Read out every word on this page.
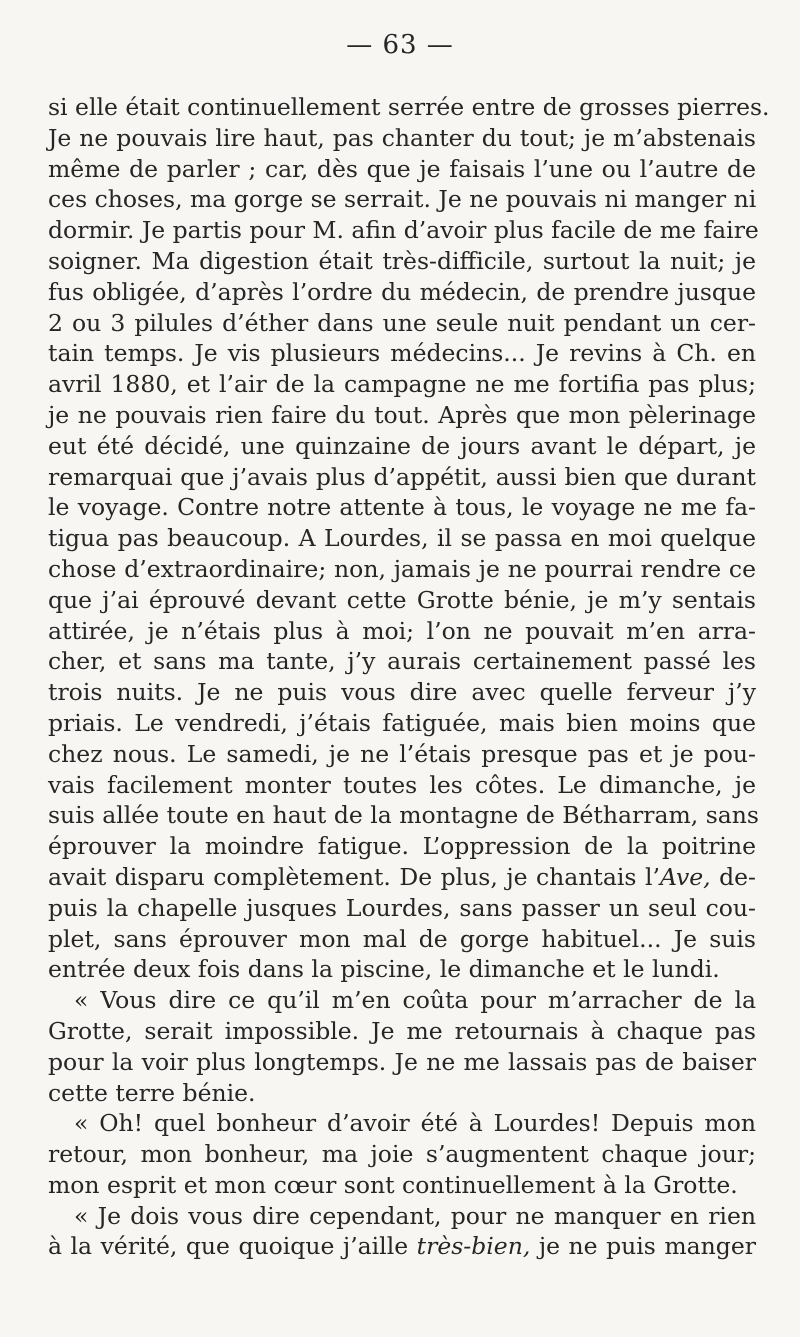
— 63 —
si elle était continuellement serrée entre de grosses pierres.
Je ne pouvais lire haut, pas chanter du tout; je m’abstenais
même de parler ; car, dès que je faisais l’une ou l’autre de
ces choses, ma gorge se serrait. Je ne pouvais ni manger ni
dormir. Je partis pour M. afin d’avoir plus facile de me faire
soigner. Ma digestion était très-difficile, surtout la nuit; je
fus obligée, d’après l’ordre du médecin, de prendre jusque
2 ou 3 pilules d’éther dans une seule nuit pendant un cer-
tain temps. Je vis plusieurs médecins... Je revins à Ch. en
avril 1880, et l’air de la campagne ne me fortifia pas plus;
je ne pouvais rien faire du tout. Après que mon pèlerinage
eut été décidé, une quinzaine de jours avant le départ, je
remarquai que j’avais plus d’appétit, aussi bien que durant
le voyage. Contre notre attente à tous, le voyage ne me fa-
tigua pas beaucoup. A Lourdes, il se passa en moi quelque
chose d’extraordinaire; non, jamais je ne pourrai rendre ce
que j’ai éprouvé devant cette Grotte bénie, je m’y sentais
attirée, je n’étais plus à moi; l’on ne pouvait m’en arra-
cher, et sans ma tante, j’y aurais certainement passé les
trois nuits. Je ne puis vous dire avec quelle ferveur j’y
priais. Le vendredi, j’étais fatiguée, mais bien moins que
chez nous. Le samedi, je ne l’étais presque pas et je pou-
vais facilement monter toutes les côtes. Le dimanche, je
suis allée toute en haut de la montagne de Bétharram, sans
éprouver la moindre fatigue. L’oppression de la poitrine
avait disparu complètement. De plus, je chantais l’Ave, de-
puis la chapelle jusques Lourdes, sans passer un seul cou-
plet, sans éprouver mon mal de gorge habituel... Je suis
entrée deux fois dans la piscine, le dimanche et le lundi.
« Vous dire ce qu’il m’en coûta pour m’arracher de la
Grotte, serait impossible. Je me retournais à chaque pas
pour la voir plus longtemps. Je ne me lassais pas de baiser
cette terre bénie.
« Oh! quel bonheur d’avoir été à Lourdes! Depuis mon
retour, mon bonheur, ma joie s’augmentent chaque jour;
mon esprit et mon cœur sont continuellement à la Grotte.
« Je dois vous dire cependant, pour ne manquer en rien
à la vérité, que quoique j’aille très-bien, je ne puis manger
